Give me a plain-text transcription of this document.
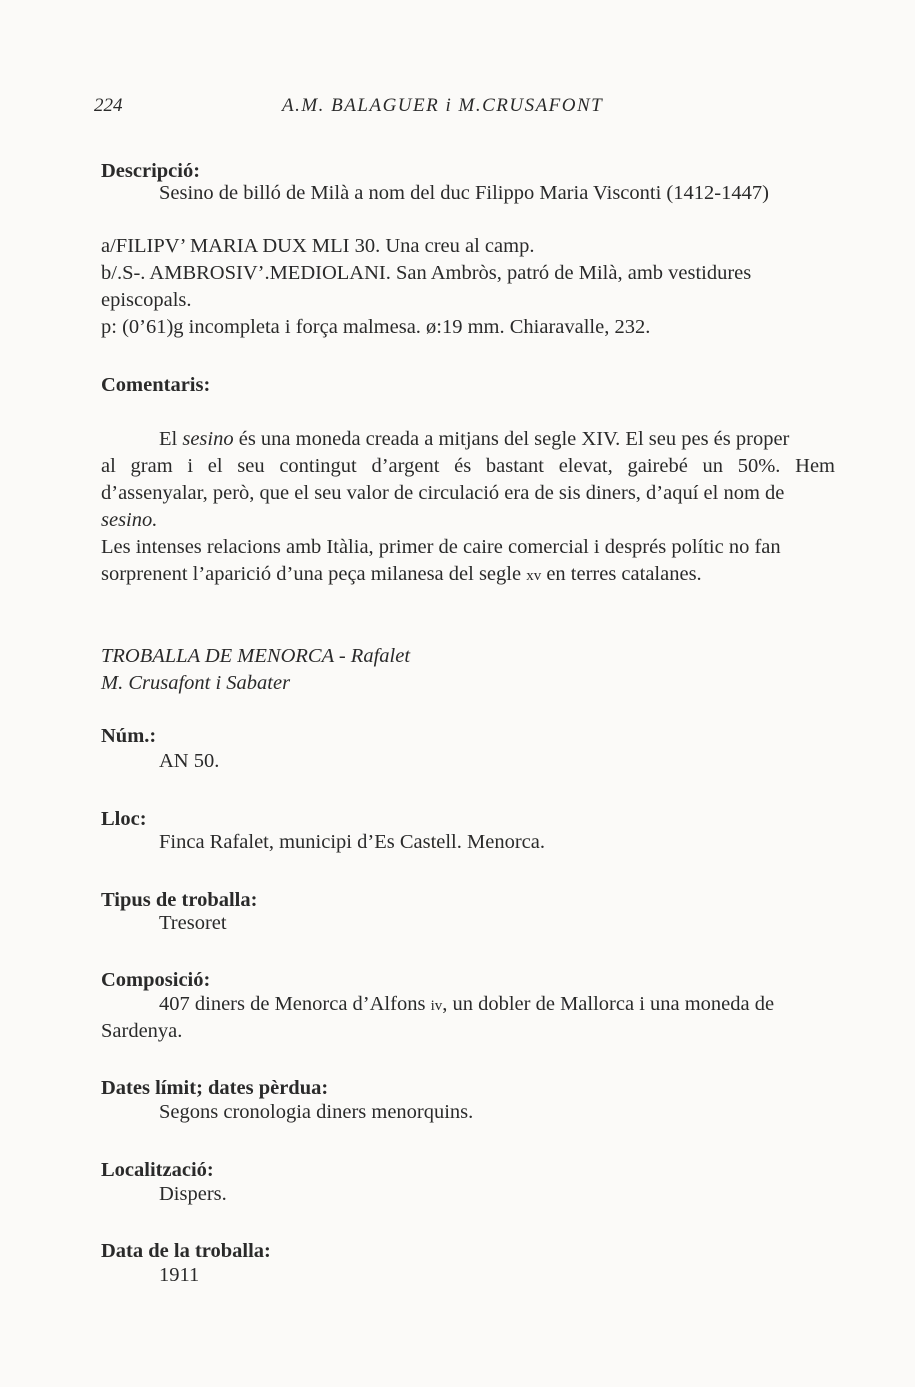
224	A.M. BALAGUER i M.CRUSAFONT
Descripció:
Sesino de billó de Milà a nom del duc Filippo Maria Visconti (1412-1447)
a/FILIPV’ MARIA DUX MLI 30. Una creu al camp.
b/.S-. AMBROSIV’.MEDIOLANI. San Ambròs, patró de Milà, amb vestidures
episcopals.
p: (0’61)g incompleta i força malmesa. ø:19 mm. Chiaravalle, 232.
Comentaris:
El sesino és una moneda creada a mitjans del segle XIV. El seu pes és proper
al gram i el seu contingut d’argent és bastant elevat, gairebé un 50%. Hem
d’assenyalar, però, que el seu valor de circulació era de sis diners, d’aquí el nom de
sesino.
Les intenses relacions amb Itàlia, primer de caire comercial i després polític no fan
sorprenent l’aparició d’una peça milanesa del segle xv en terres catalanes.
TROBALLA DE MENORCA - Rafalet
M. Crusafont i Sabater
Núm.:
AN 50.
Lloc:
Finca Rafalet, municipi d’Es Castell. Menorca.
Tipus de troballa:
Tresoret
Composició:
407 diners de Menorca d’Alfons iv, un dobler de Mallorca i una moneda de
Sardenya.
Dates límit; dates pèrdua:
Segons cronologia diners menorquins.
Localització:
Dispers.
Data de la troballa:
1911
